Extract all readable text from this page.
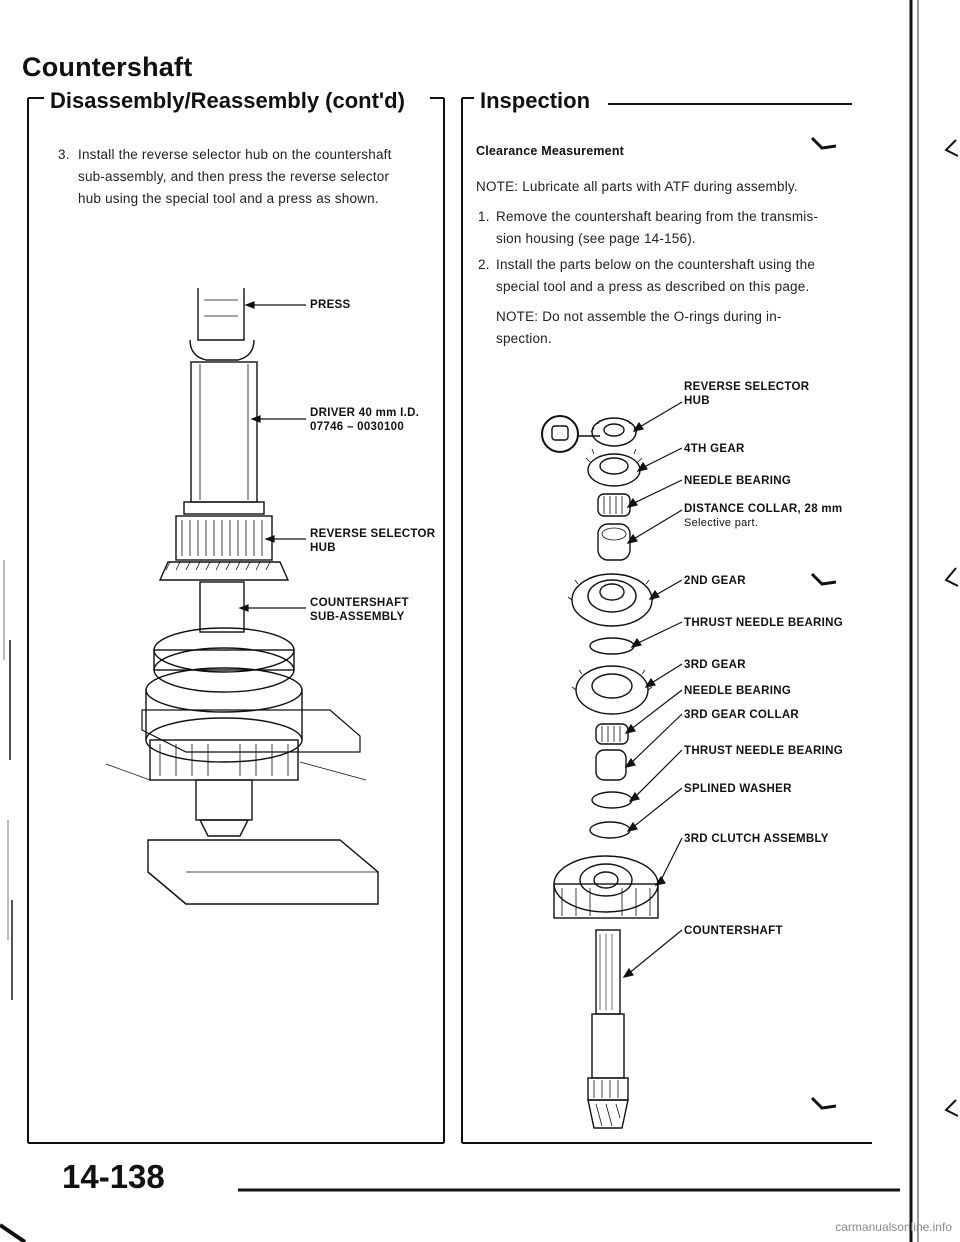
Countershaft
Disassembly/Reassembly (cont'd)	Inspection
3. Install the reverse selector hub on the countershaft
sub-assembly, and then press the reverse selector
hub using the special tool and a press as shown.
PRESS
DRIVER 40 mm I.D.
07746 – 0030100
REVERSE SELECTOR
HUB
COUNTERSHAFT
SUB-ASSEMBLY
Clearance Measurement
NOTE: Lubricate all parts with ATF during assembly.
1. Remove the countershaft bearing from the transmis-
sion housing (see page 14-156).
2. Install the parts below on the countershaft using the
special tool and a press as described on this page.
NOTE: Do not assemble the O-rings during in-
spection.
REVERSE SELECTOR
HUB
4TH GEAR
NEEDLE BEARING
DISTANCE COLLAR, 28 mm
Selective part.
2ND GEAR
THRUST NEEDLE BEARING
3RD GEAR
NEEDLE BEARING
3RD GEAR COLLAR
THRUST NEEDLE BEARING
SPLINED WASHER
3RD CLUTCH ASSEMBLY
COUNTERSHAFT
14-138
carmanualsonline.info
